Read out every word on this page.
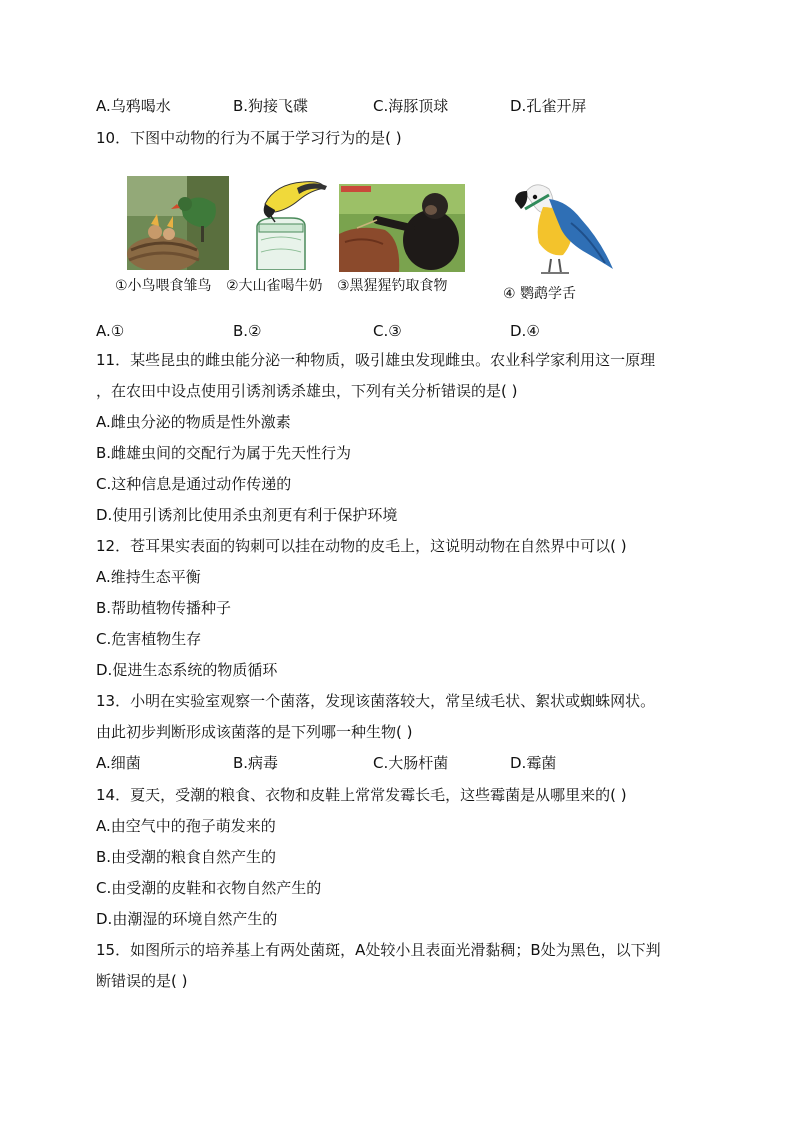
A.乌鸦喝水	B.狗接飞碟	C.海豚顶球	D.孔雀开屏
10．下图中动物的行为不属于学习行为的是( )
①小鸟喂食雏鸟 ②大山雀喝牛奶 ③黑猩猩钓取食物	④ 鹦鹉学舌
A.①	B.②	C.③	D.④
11．某些昆虫的雌虫能分泌一种物质，吸引雄虫发现雌虫。农业科学家利用这一原理
，在农田中设点使用引诱剂诱杀雄虫，下列有关分析错误的是( )
A.雌虫分泌的物质是性外激素
B.雌雄虫间的交配行为属于先天性行为
C.这种信息是通过动作传递的
D.使用引诱剂比使用杀虫剂更有利于保护环境
12．苍耳果实表面的钩刺可以挂在动物的皮毛上，这说明动物在自然界中可以( )
A.维持生态平衡
B.帮助植物传播种子
C.危害植物生存
D.促进生态系统的物质循环
13．小明在实验室观察一个菌落，发现该菌落较大，常呈绒毛状、絮状或蜘蛛网状。
由此初步判断形成该菌落的是下列哪一种生物( )
A.细菌	B.病毒	C.大肠杆菌	D.霉菌
14．夏天，受潮的粮食、衣物和皮鞋上常常发霉长毛，这些霉菌是从哪里来的( )
A.由空气中的孢子萌发来的
B.由受潮的粮食自然产生的
C.由受潮的皮鞋和衣物自然产生的
D.由潮湿的环境自然产生的
15．如图所示的培养基上有两处菌斑，A处较小且表面光滑黏稠；B处为黑色，以下判
断错误的是( )
